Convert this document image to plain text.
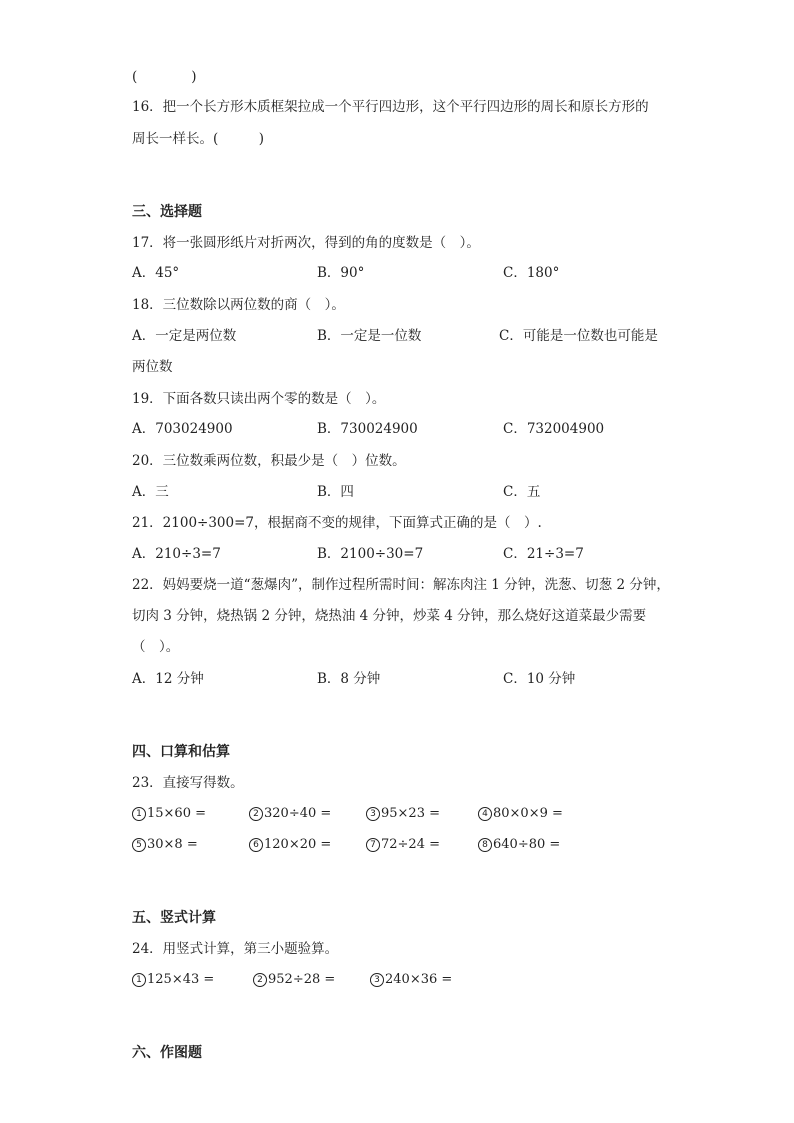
(　　　　)
16．把一个长方形木质框架拉成一个平行四边形，这个平行四边形的周长和原长方形的
周长一样长。(　　　)
三、选择题
17．将一张圆形纸片对折两次，得到的角的度数是（　）。
A．45°	B．90°	C．180°
18．三位数除以两位数的商（　）。
A．一定是两位数	B．一定是一位数	C．可能是一位数也可能是
两位数
19．下面各数只读出两个零的数是（　）。
A．703024900	B．730024900	C．732004900
20．三位数乘两位数，积最少是（　）位数。
A．三	B．四	C．五
21．2100÷300=7，根据商不变的规律，下面算式正确的是（　）.
A．210÷3=7	B．2100÷30=7	C．21÷3=7
22．妈妈要烧一道“葱爆肉”，制作过程所需时间：解冻肉注 1 分钟，洗葱、切葱 2 分钟，
切肉 3 分钟，烧热锅 2 分钟，烧热油 4 分钟，炒菜 4 分钟，那么烧好这道菜最少需要
（　）。
A．12 分钟	B．8 分钟	C．10 分钟
四、口算和估算
23．直接写得数。
1 15×60 =	2 320÷40 =	3 95×23 =	4 80×0×9 =
5 30×8 =	6 120×20 =	7 72÷24 =	8 640÷80 =
五、竖式计算
24．用竖式计算，第三小题验算。
1 125×43 =	2 952÷28 =	3 240×36 =
六、作图题
